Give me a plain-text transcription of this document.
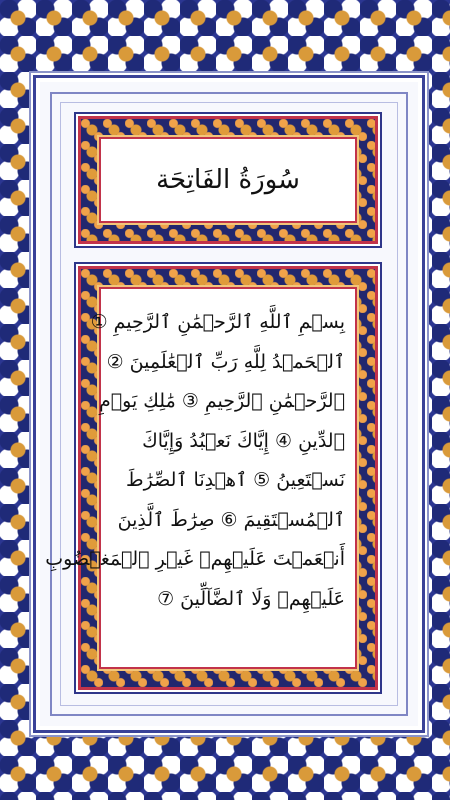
سُورَةُ الفَاتِحَة
بِسۡمِ ٱللَّهِ ٱلرَّحۡمَٰنِ ٱلرَّحِيمِ ①
ٱلۡحَمۡدُ لِلَّهِ رَبِّ ٱلۡعَٰلَمِينَ ②
ٱلرَّحۡمَٰنِ ٱلرَّحِيمِ ③ مَٰلِكِ يَوۡمِ
ٱلدِّينِ ④ إِيَّاكَ نَعۡبُدُ وَإِيَّاكَ
نَسۡتَعِينُ ⑤ ٱهۡدِنَا ٱلصِّرَٰطَ
ٱلۡمُسۡتَقِيمَ ⑥ صِرَٰطَ ٱلَّذِينَ
أَنۡعَمۡتَ عَلَيۡهِمۡ غَيۡرِ ٱلۡمَغۡضُوبِ
عَلَيۡهِمۡ وَلَا ٱلضَّآلِّينَ ⑦
